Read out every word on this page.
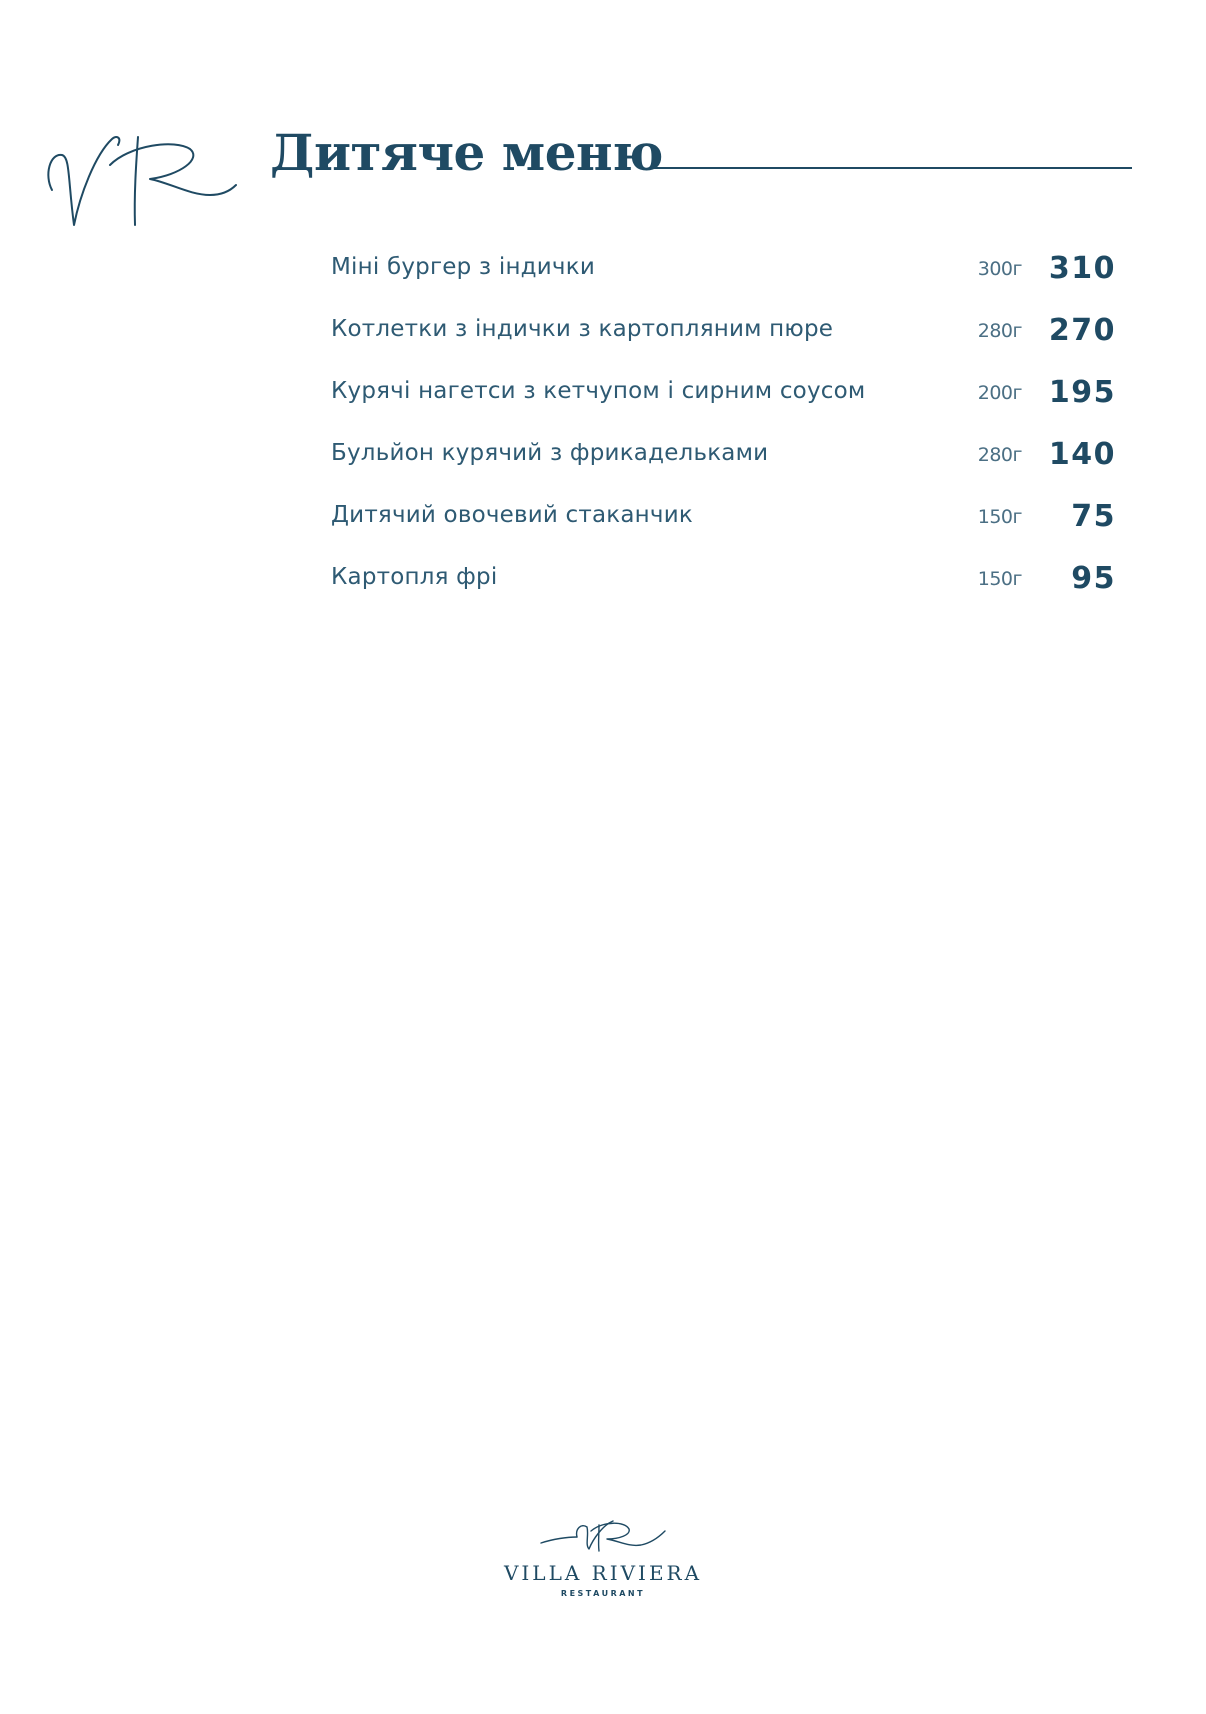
Дитяче меню
Міні бургер з індички	300г 310
Котлетки з індички з картопляним пюре	280г 270
Курячі нагетси з кетчупом і сирним соусом	200г 195
Бульйон курячий з фрикадельками	280г 140
Дитячий овочевий стаканчик	150г 75
Картопля фрі	150г 95
VILLA RIVIERA
RESTAURANT
